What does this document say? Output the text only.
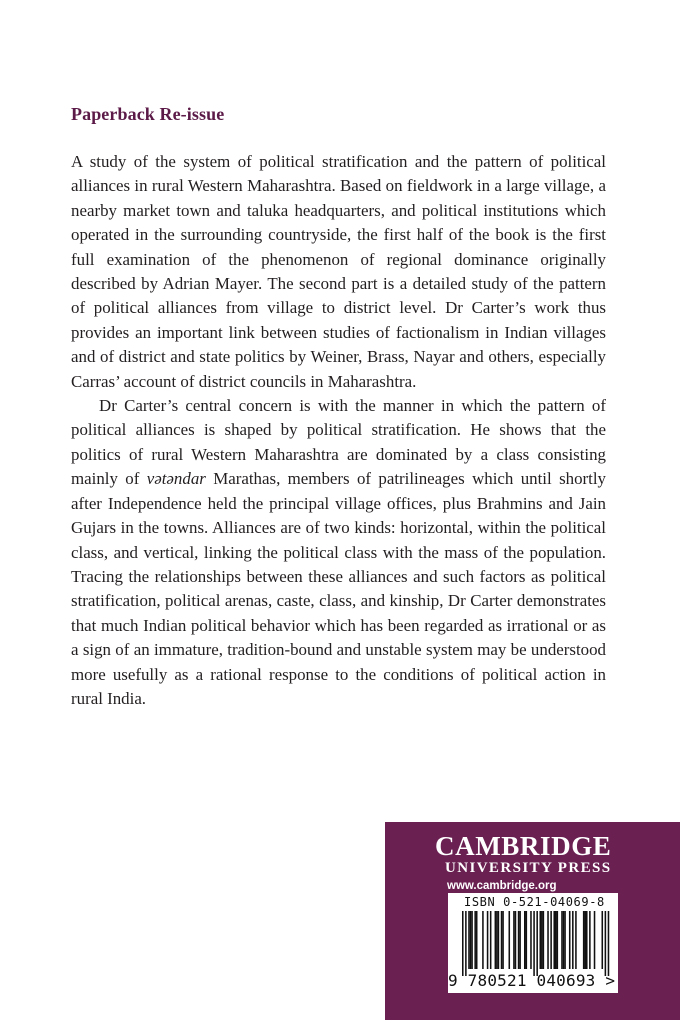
Paperback Re-issue

A study of the system of political stratification and the pattern of political alliances in rural Western Maharashtra. Based on fieldwork in a large village, a nearby market town and taluka headquarters, and political institutions which operated in the surrounding countryside, the first half of the book is the first full examination of the phenomenon of regional dominance originally described by Adrian Mayer. The second part is a detailed study of the pattern of political alliances from village to district level. Dr Carter’s work thus provides an important link between studies of factionalism in Indian villages and of district and state politics by Weiner, Brass, Nayar and others, especially Carras’ account of district councils in Maharashtra.

Dr Carter’s central concern is with the manner in which the pattern of political alliances is shaped by political stratification. He shows that the politics of rural Western Maharashtra are dominated by a class consisting mainly of vətəndar Marathas, members of patrilineages which until shortly after Independence held the principal village offices, plus Brahmins and Jain Gujars in the towns. Alliances are of two kinds: horizontal, within the political class, and vertical, linking the political class with the mass of the population. Tracing the relationships between these alliances and such factors as political stratification, political arenas, caste, class, and kinship, Dr Carter demonstrates that much Indian political behavior which has been regarded as irrational or as a sign of an immature, tradition-bound and unstable system may be understood more usefully as a rational response to the conditions of political action in rural India.

CAMBRIDGE
UNIVERSITY PRESS
www.cambridge.org
ISBN 0-521-04069-8
9 780521 040693 >
